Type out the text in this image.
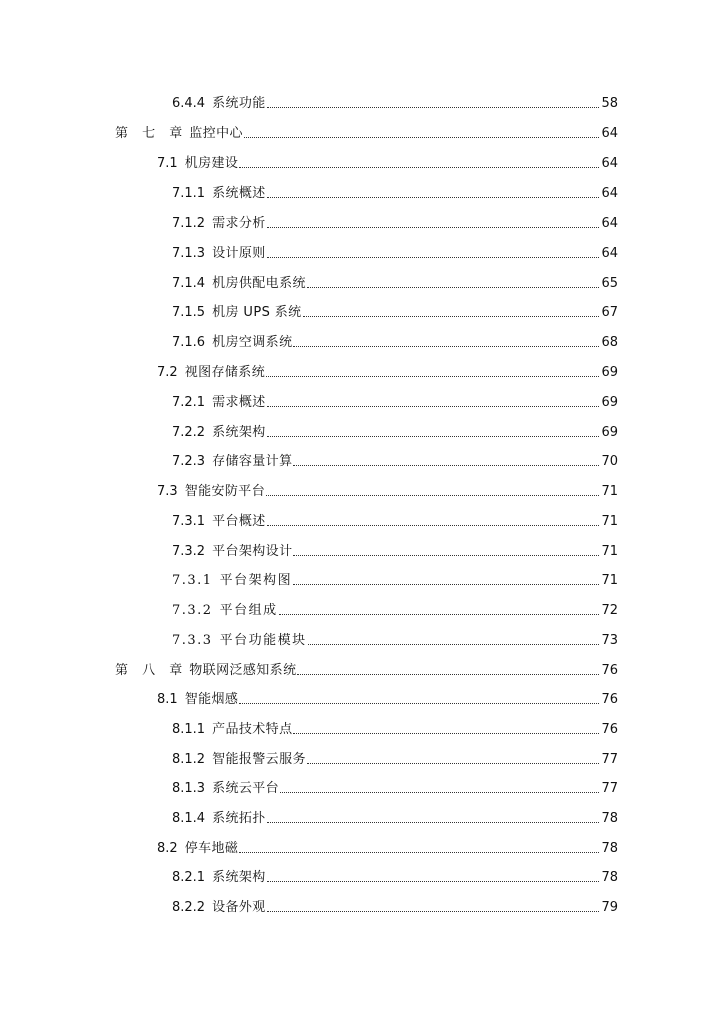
6.4.4 系统功能	58
第 七 章 监控中心	64
7.1 机房建设	64
7.1.1 系统概述	64
7.1.2 需求分析	64
7.1.3 设计原则	64
7.1.4 机房供配电系统	65
7.1.5 机房 UPS 系统	67
7.1.6 机房空调系统	68
7.2 视图存储系统	69
7.2.1 需求概述	69
7.2.2 系统架构	69
7.2.3 存储容量计算	70
7.3 智能安防平台	71
7.3.1 平台概述	71
7.3.2 平台架构设计	71
7.3.1 平台架构图	71
7.3.2 平台组成	72
7.3.3 平台功能模块	73
第 八 章 物联网泛感知系统	76
8.1 智能烟感	76
8.1.1 产品技术特点	76
8.1.2 智能报警云服务	77
8.1.3 系统云平台	77
8.1.4 系统拓扑	78
8.2 停车地磁	78
8.2.1 系统架构	78
8.2.2 设备外观	79
